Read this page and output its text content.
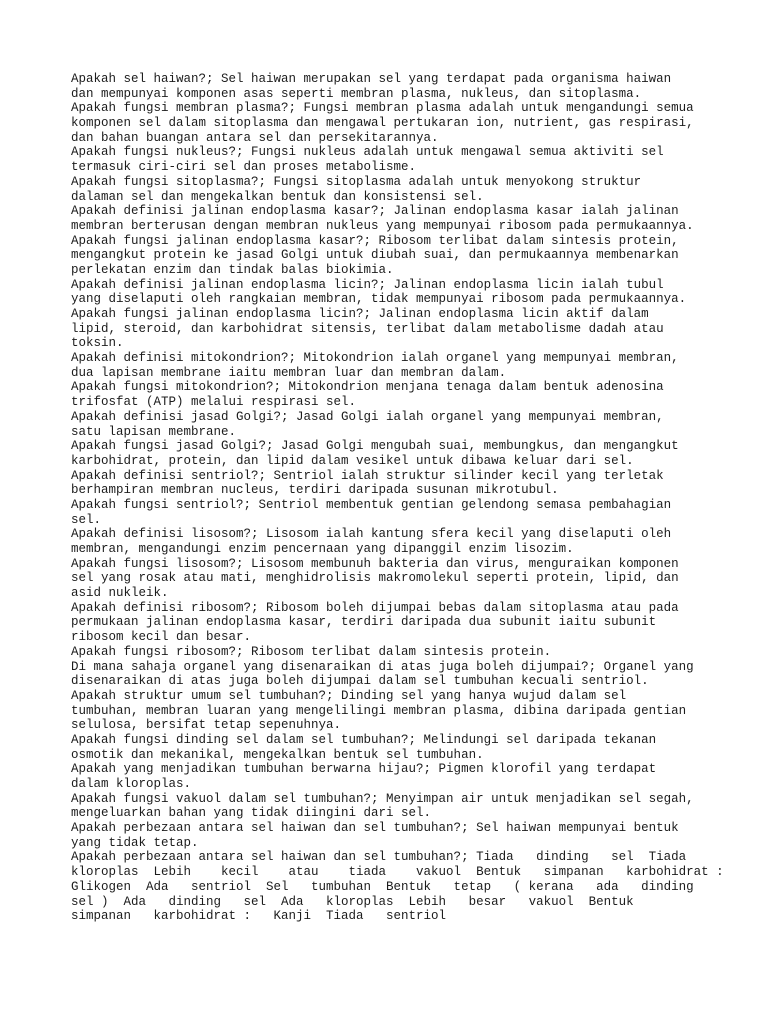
Apakah sel haiwan?; Sel haiwan merupakan sel yang terdapat pada organisma haiwan
dan mempunyai komponen asas seperti membran plasma, nukleus, dan sitoplasma.
Apakah fungsi membran plasma?; Fungsi membran plasma adalah untuk mengandungi semua
komponen sel dalam sitoplasma dan mengawal pertukaran ion, nutrient, gas respirasi,
dan bahan buangan antara sel dan persekitarannya.
Apakah fungsi nukleus?; Fungsi nukleus adalah untuk mengawal semua aktiviti sel
termasuk ciri-ciri sel dan proses metabolisme.
Apakah fungsi sitoplasma?; Fungsi sitoplasma adalah untuk menyokong struktur
dalaman sel dan mengekalkan bentuk dan konsistensi sel.
Apakah definisi jalinan endoplasma kasar?; Jalinan endoplasma kasar ialah jalinan
membran berterusan dengan membran nukleus yang mempunyai ribosom pada permukaannya.
Apakah fungsi jalinan endoplasma kasar?; Ribosom terlibat dalam sintesis protein,
mengangkut protein ke jasad Golgi untuk diubah suai, dan permukaannya membenarkan
perlekatan enzim dan tindak balas biokimia.
Apakah definisi jalinan endoplasma licin?; Jalinan endoplasma licin ialah tubul
yang diselaputi oleh rangkaian membran, tidak mempunyai ribosom pada permukaannya.
Apakah fungsi jalinan endoplasma licin?; Jalinan endoplasma licin aktif dalam
lipid, steroid, dan karbohidrat sitensis, terlibat dalam metabolisme dadah atau
toksin.
Apakah definisi mitokondrion?; Mitokondrion ialah organel yang mempunyai membran,
dua lapisan membrane iaitu membran luar dan membran dalam.
Apakah fungsi mitokondrion?; Mitokondrion menjana tenaga dalam bentuk adenosina
trifosfat (ATP) melalui respirasi sel.
Apakah definisi jasad Golgi?; Jasad Golgi ialah organel yang mempunyai membran,
satu lapisan membrane.
Apakah fungsi jasad Golgi?; Jasad Golgi mengubah suai, membungkus, dan mengangkut
karbohidrat, protein, dan lipid dalam vesikel untuk dibawa keluar dari sel.
Apakah definisi sentriol?; Sentriol ialah struktur silinder kecil yang terletak
berhampiran membran nucleus, terdiri daripada susunan mikrotubul.
Apakah fungsi sentriol?; Sentriol membentuk gentian gelendong semasa pembahagian
sel.
Apakah definisi lisosom?; Lisosom ialah kantung sfera kecil yang diselaputi oleh
membran, mengandungi enzim pencernaan yang dipanggil enzim lisozim.
Apakah fungsi lisosom?; Lisosom membunuh bakteria dan virus, menguraikan komponen
sel yang rosak atau mati, menghidrolisis makromolekul seperti protein, lipid, dan
asid nukleik.
Apakah definisi ribosom?; Ribosom boleh dijumpai bebas dalam sitoplasma atau pada
permukaan jalinan endoplasma kasar, terdiri daripada dua subunit iaitu subunit
ribosom kecil dan besar.
Apakah fungsi ribosom?; Ribosom terlibat dalam sintesis protein.
Di mana sahaja organel yang disenaraikan di atas juga boleh dijumpai?; Organel yang
disenaraikan di atas juga boleh dijumpai dalam sel tumbuhan kecuali sentriol.
Apakah struktur umum sel tumbuhan?; Dinding sel yang hanya wujud dalam sel
tumbuhan, membran luaran yang mengelilingi membran plasma, dibina daripada gentian
selulosa, bersifat tetap sepenuhnya.
Apakah fungsi dinding sel dalam sel tumbuhan?; Melindungi sel daripada tekanan
osmotik dan mekanikal, mengekalkan bentuk sel tumbuhan.
Apakah yang menjadikan tumbuhan berwarna hijau?; Pigmen klorofil yang terdapat
dalam kloroplas.
Apakah fungsi vakuol dalam sel tumbuhan?; Menyimpan air untuk menjadikan sel segah,
mengeluarkan bahan yang tidak diingini dari sel.
Apakah perbezaan antara sel haiwan dan sel tumbuhan?; Sel haiwan mempunyai bentuk
yang tidak tetap.
Apakah perbezaan antara sel haiwan dan sel tumbuhan?; Tiada   dinding   sel  Tiada
kloroplas  Lebih    kecil    atau    tiada    vakuol  Bentuk   simpanan   karbohidrat :
Glikogen  Ada   sentriol  Sel   tumbuhan  Bentuk   tetap   ( kerana   ada   dinding
sel )  Ada   dinding   sel  Ada   kloroplas  Lebih   besar   vakuol  Bentuk
simpanan   karbohidrat :   Kanji  Tiada   sentriol
